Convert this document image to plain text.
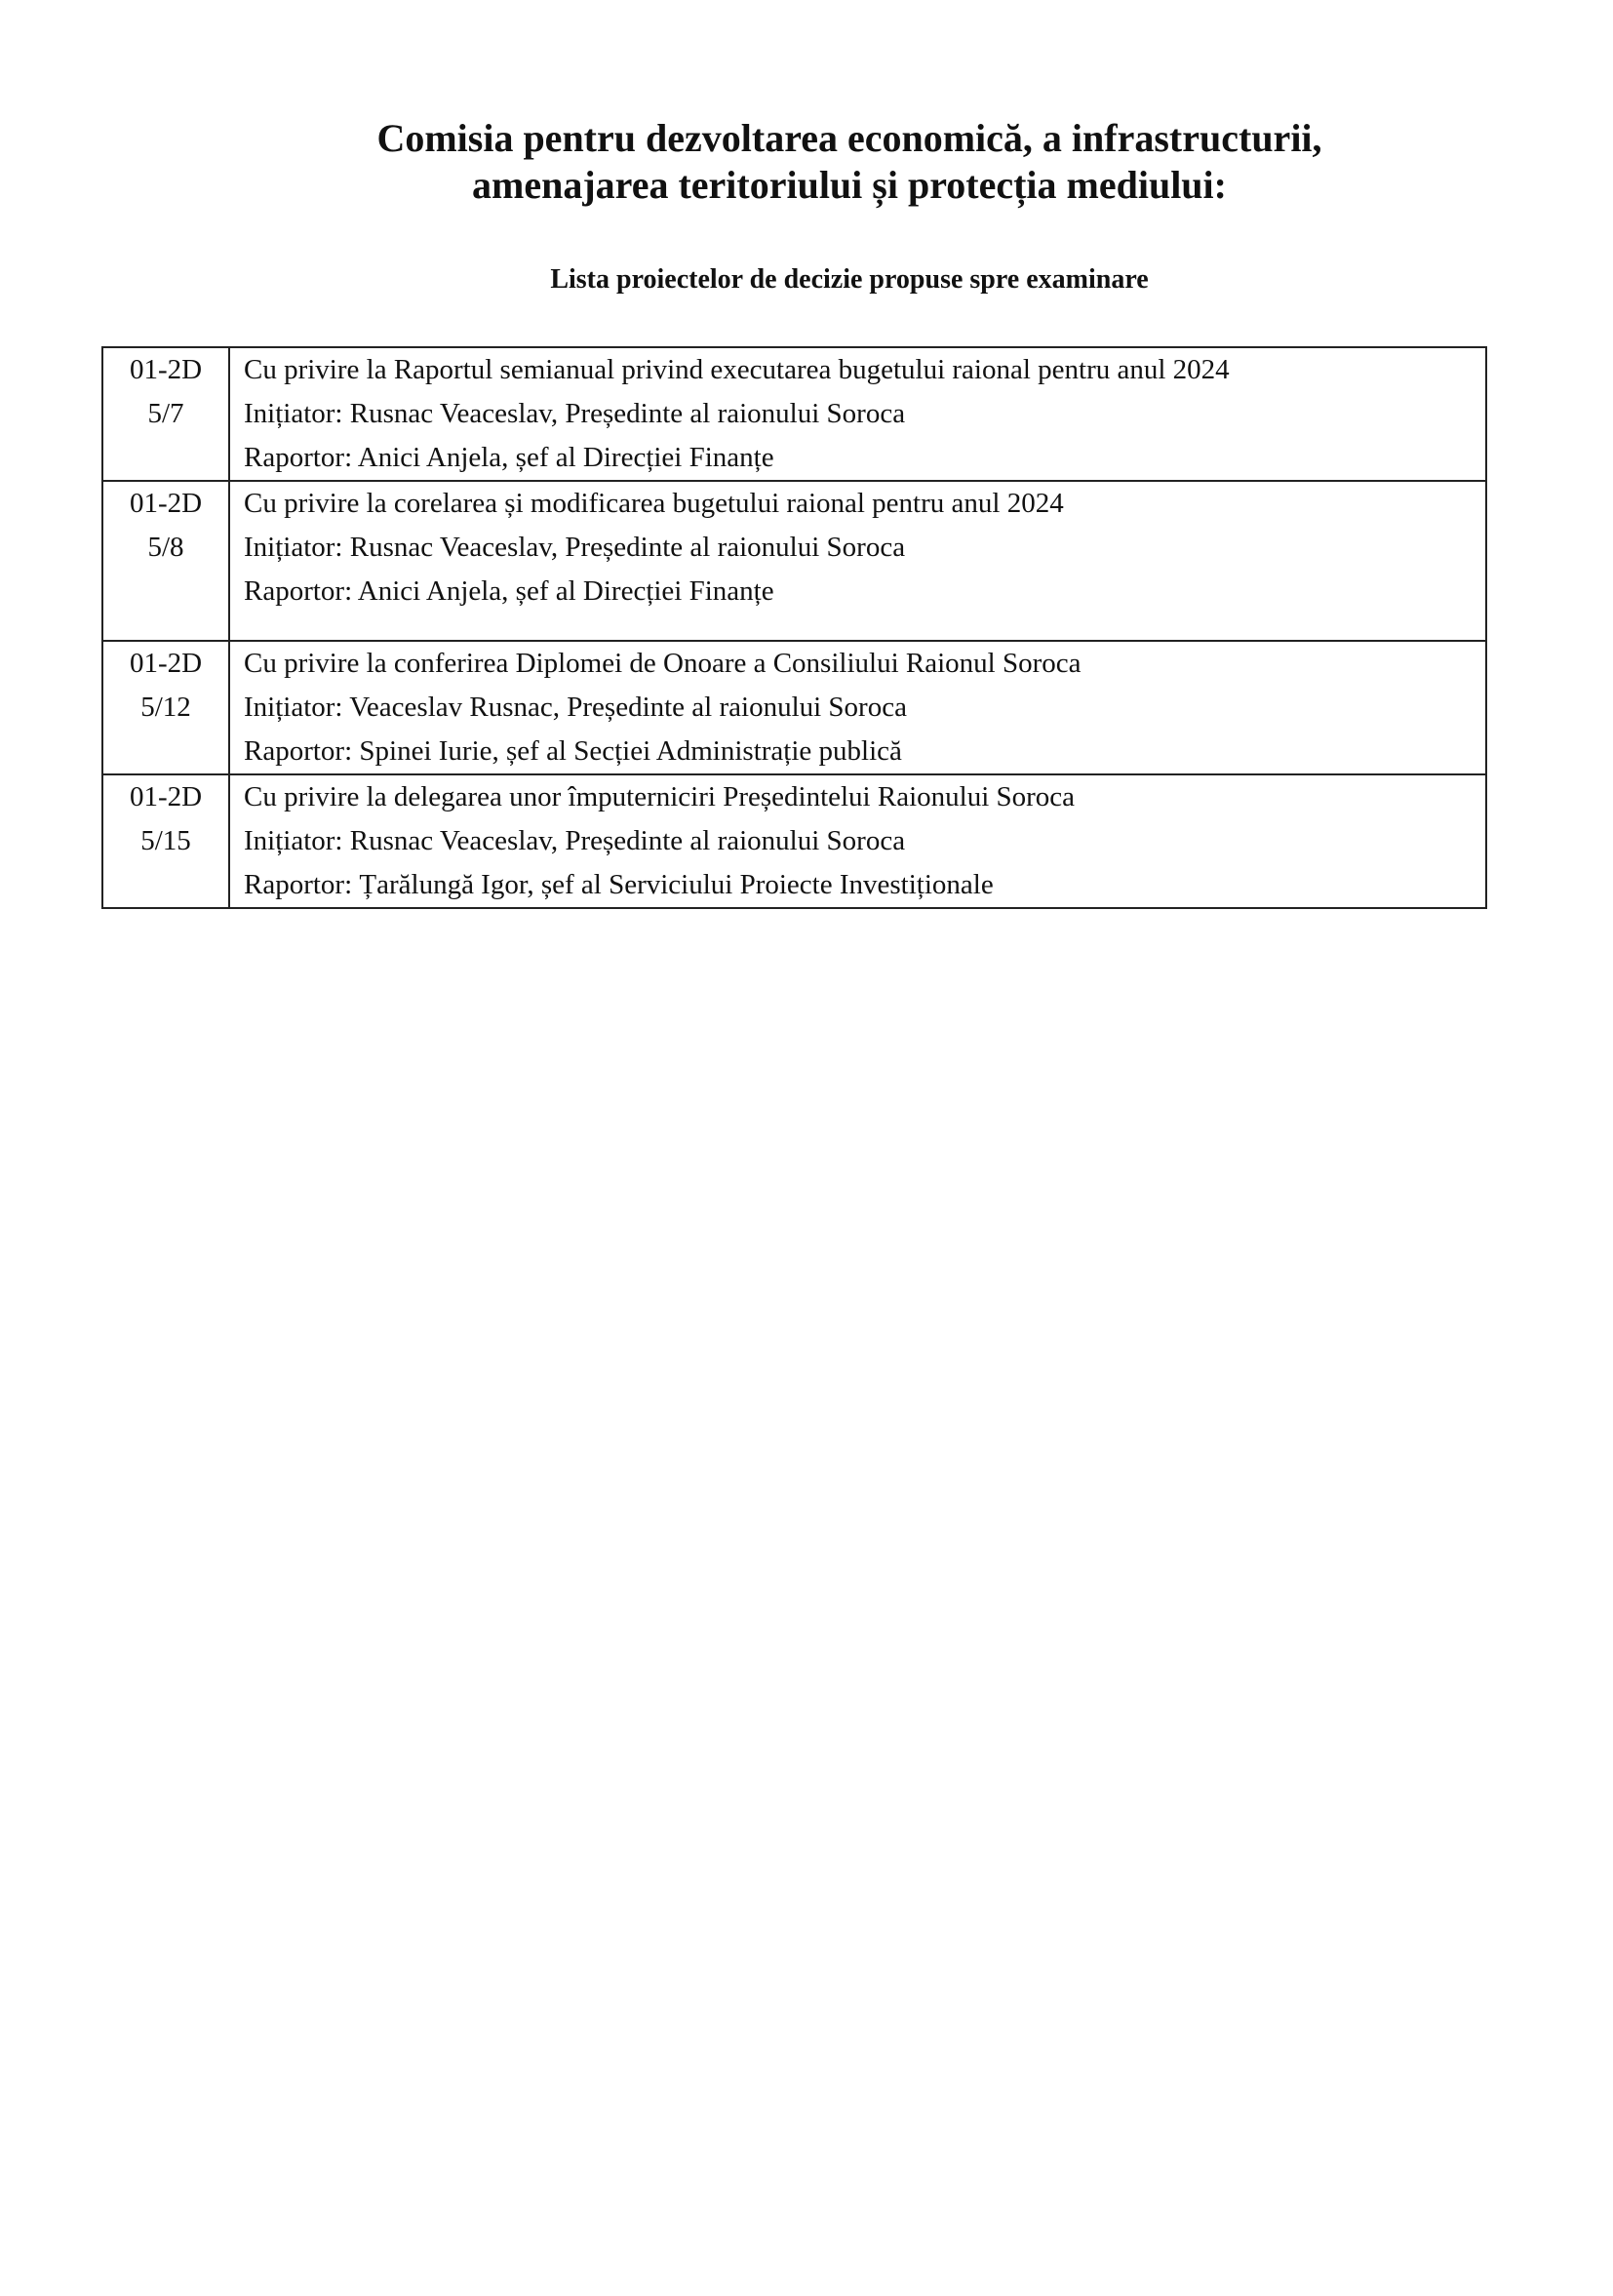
Comisia pentru dezvoltarea economică, a infrastructurii,
amenajarea teritoriului și protecția mediului:
Lista proiectelor de decizie propuse spre examinare
01-2D
5/7	Cu privire la Raportul semianual privind executarea bugetului raional pentru anul 2024
Inițiator: Rusnac Veaceslav, Președinte al raionului Soroca
Raportor: Anici Anjela, șef al Direcției Finanțe

01-2D
5/8	Cu privire la corelarea și modificarea bugetului raional pentru anul 2024
Inițiator: Rusnac Veaceslav, Președinte al raionului Soroca
Raportor: Anici Anjela, șef al Direcției Finanțe

01-2D
5/12	Cu privire la conferirea Diplomei de Onoare a Consiliului Raionul Soroca
Inițiator: Veaceslav Rusnac, Președinte al raionului Soroca
Raportor: Spinei Iurie, șef al Secției Administrație publică

01-2D
5/15	Cu privire la delegarea unor împuterniciri Președintelui Raionului Soroca
Inițiator: Rusnac Veaceslav, Președinte al raionului Soroca
Raportor: Țarălungă Igor, șef al Serviciului Proiecte Investiționale
